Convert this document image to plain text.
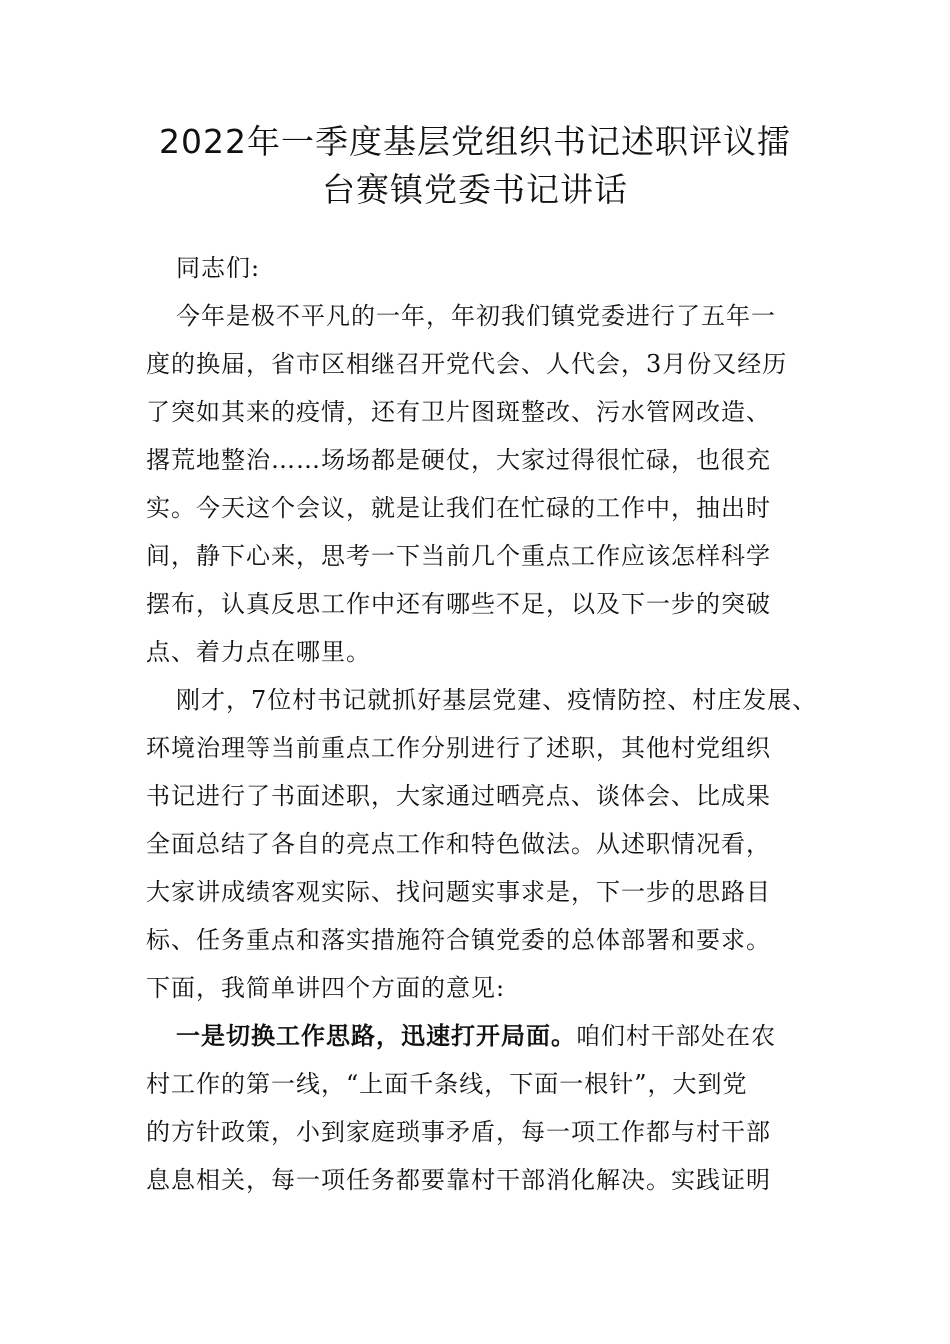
2022年一季度基层党组织书记述职评议擂
台赛镇党委书记讲话
同志们:
今年是极不平凡的一年，年初我们镇党委进行了五年一
度的换届，省市区相继召开党代会、人代会，3月份又经历
了突如其来的疫情，还有卫片图斑整改、污水管网改造、
撂荒地整治……场场都是硬仗，大家过得很忙碌，也很充
实。今天这个会议，就是让我们在忙碌的工作中，抽出时
间，静下心来，思考一下当前几个重点工作应该怎样科学
摆布，认真反思工作中还有哪些不足，以及下一步的突破
点、着力点在哪里。
刚才，7位村书记就抓好基层党建、疫情防控、村庄发展、
环境治理等当前重点工作分别进行了述职，其他村党组织
书记进行了书面述职，大家通过晒亮点、谈体会、比成果
全面总结了各自的亮点工作和特色做法。从述职情况看，
大家讲成绩客观实际、找问题实事求是，下一步的思路目
标、任务重点和落实措施符合镇党委的总体部署和要求。
下面，我简单讲四个方面的意见:
一是切换工作思路，迅速打开局面。咱们村干部处在农
村工作的第一线，“上面千条线，下面一根针”，大到党
的方针政策，小到家庭琐事矛盾，每一项工作都与村干部
息息相关，每一项任务都要靠村干部消化解决。实践证明
